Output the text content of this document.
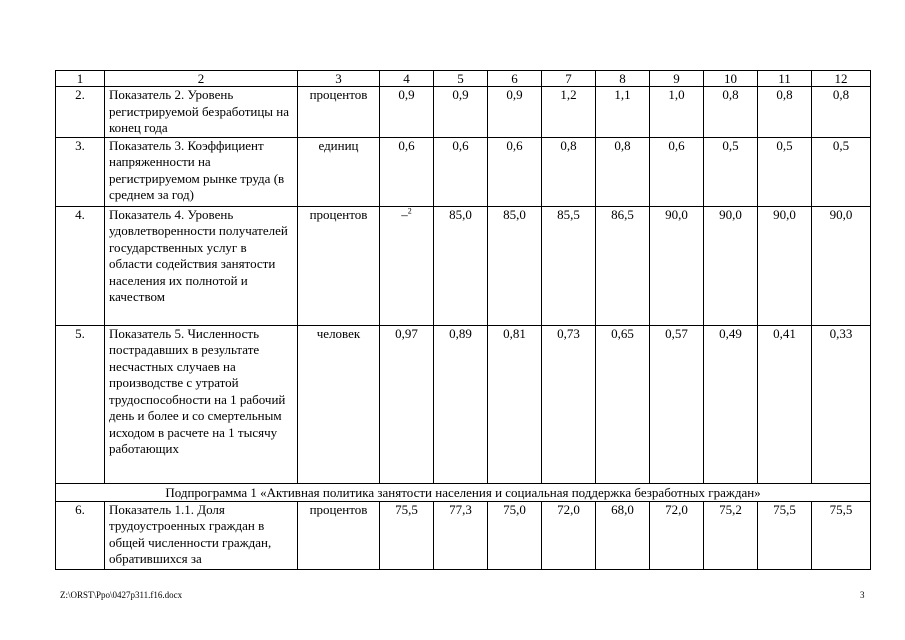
1	2	3	4	5	6	7	8	9	10	11	12
2.	Показатель 2. Уровень регистрируемой безработицы на конец года	процентов	0,9	0,9	0,9	1,2	1,1	1,0	0,8	0,8	0,8
3.	Показатель 3. Коэффициент напряженности на регистрируемом рынке труда (в среднем за год)	единиц	0,6	0,6	0,6	0,8	0,8	0,6	0,5	0,5	0,5
4.	Показатель 4. Уровень удовлетворенности получателей государственных услуг в области содействия занятости населения их полнотой и качеством	процентов	–$^2$	85,0	85,0	85,5	86,5	90,0	90,0	90,0	90,0
5.	Показатель 5. Численность пострадавших в результате несчастных случаев на производстве с утратой трудоспособности на 1 рабочий день и более и со смертельным исходом в расчете на 1 тысячу работающих	человек	0,97	0,89	0,81	0,73	0,65	0,57	0,49	0,41	0,33
Подпрограмма 1 «Активная политика занятости населения и социальная поддержка безработных граждан»											
6.	Показатель 1.1. Доля трудоустроенных граждан в общей численности граждан, обратившихся за	процентов	75,5	77,3	75,0	72,0	68,0	72,0	75,2	75,5	75,5
Z:\ORST\Ppo\0427p311.f16.docx	3
